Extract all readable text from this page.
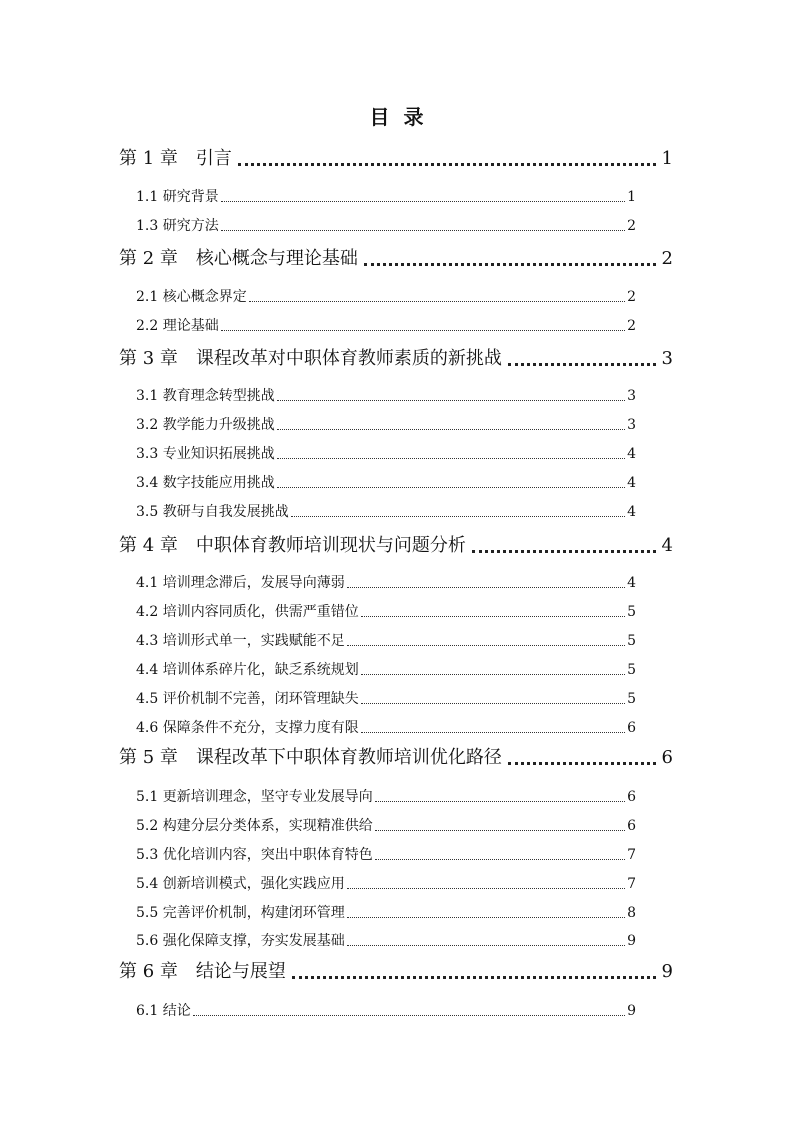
目录
第 1 章　引言	1
1.1 研究背景	1
1.3 研究方法	2
第 2 章　核心概念与理论基础	2
2.1 核心概念界定	2
2.2 理论基础	2
第 3 章　课程改革对中职体育教师素质的新挑战	3
3.1 教育理念转型挑战	3
3.2 教学能力升级挑战	3
3.3 专业知识拓展挑战	4
3.4 数字技能应用挑战	4
3.5 教研与自我发展挑战	4
第 4 章　中职体育教师培训现状与问题分析	4
4.1 培训理念滞后，发展导向薄弱	4
4.2 培训内容同质化，供需严重错位	5
4.3 培训形式单一，实践赋能不足	5
4.4 培训体系碎片化，缺乏系统规划	5
4.5 评价机制不完善，闭环管理缺失	5
4.6 保障条件不充分，支撑力度有限	6
第 5 章　课程改革下中职体育教师培训优化路径	6
5.1 更新培训理念，坚守专业发展导向	6
5.2 构建分层分类体系，实现精准供给	6
5.3 优化培训内容，突出中职体育特色	7
5.4 创新培训模式，强化实践应用	7
5.5 完善评价机制，构建闭环管理	8
5.6 强化保障支撑，夯实发展基础	9
第 6 章　结论与展望	9
6.1 结论	9
